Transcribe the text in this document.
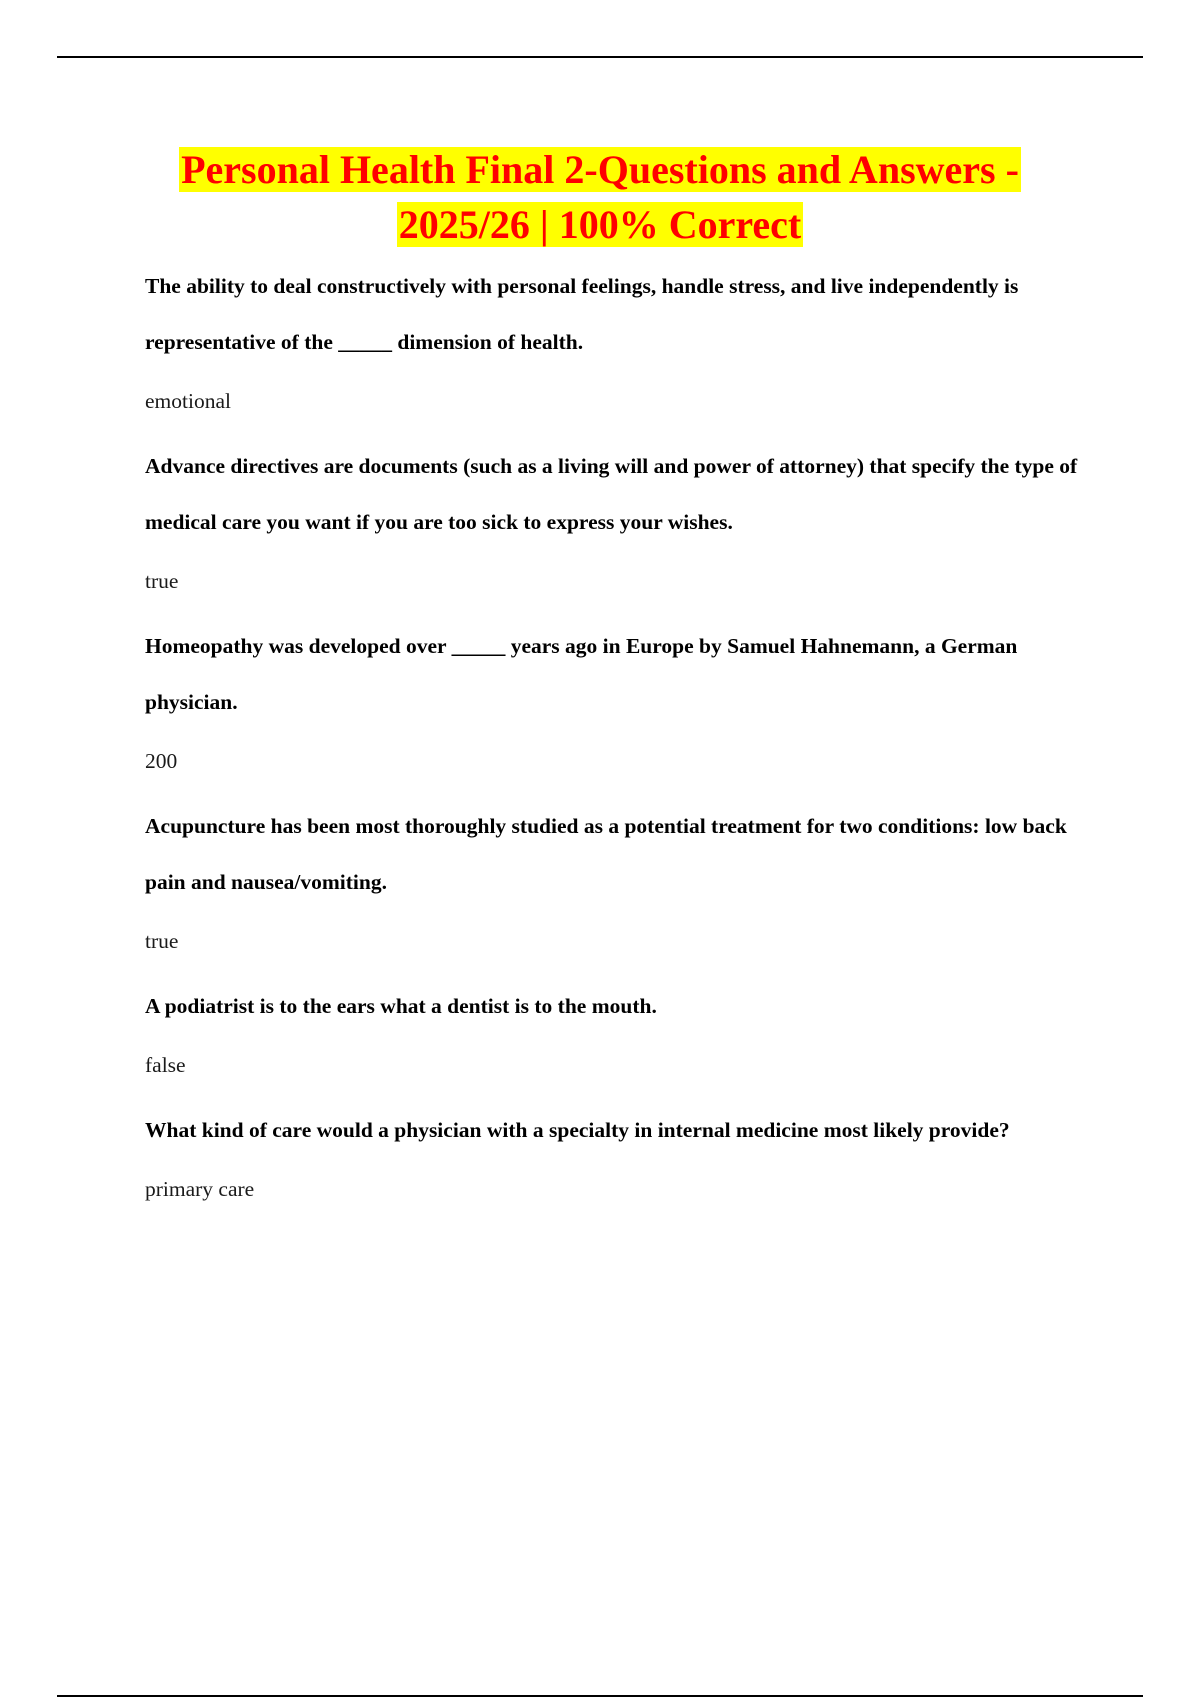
Personal Health Final 2-Questions and Answers -
2025/26 | 100% Correct

The ability to deal constructively with personal feelings, handle stress, and live independently is representative of the _____ dimension of health.

emotional

Advance directives are documents (such as a living will and power of attorney) that specify the type of medical care you want if you are too sick to express your wishes.

true

Homeopathy was developed over _____ years ago in Europe by Samuel Hahnemann, a German physician.

200

Acupuncture has been most thoroughly studied as a potential treatment for two conditions: low back pain and nausea/vomiting.

true

A podiatrist is to the ears what a dentist is to the mouth.

false

What kind of care would a physician with a specialty in internal medicine most likely provide?

primary care
